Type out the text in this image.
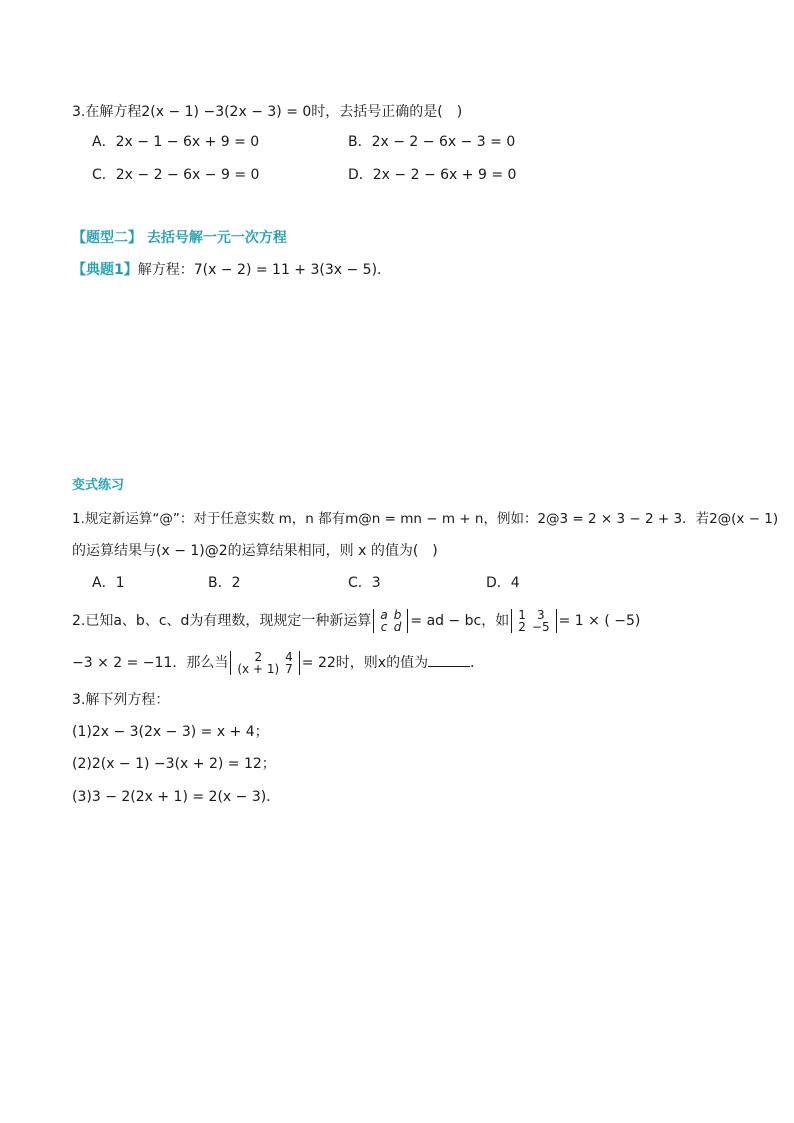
3.在解方程2(x − 1) −3(2x − 3) = 0时，去括号正确的是(　)
A．2x − 1 − 6x + 9 = 0	B．2x − 2 − 6x − 3 = 0
C．2x − 2 − 6x − 9 = 0	D．2x − 2 − 6x + 9 = 0
【题型二】 去括号解一元一次方程
【典题1】解方程：7(x − 2) = 11 + 3(3x − 5)．
变式练习
1.规定新运算“@”：对于任意实数 m，n 都有m@n = mn − m + n，例如：2@3 = 2 × 3 − 2 + 3．若2@(x − 1)
的运算结果与(x − 1)@2的运算结果相同，则 x 的值为(　)
A．1	B．2	C．3	D．4
2.已知a、b、c、d为有理数，现规定一种新运算 a	b
c	d = ad − bc，如 1	3
2	−5 = 1 × ( −5)
−3 × 2 = −11．那么当 2	4
(x + 1)	7 = 22时，则x的值为	．
3.解下列方程：
(1)2x − 3(2x − 3) = x + 4；
(2)2(x − 1) −3(x + 2) = 12；
(3)3 − 2(2x + 1) = 2(x − 3)．
